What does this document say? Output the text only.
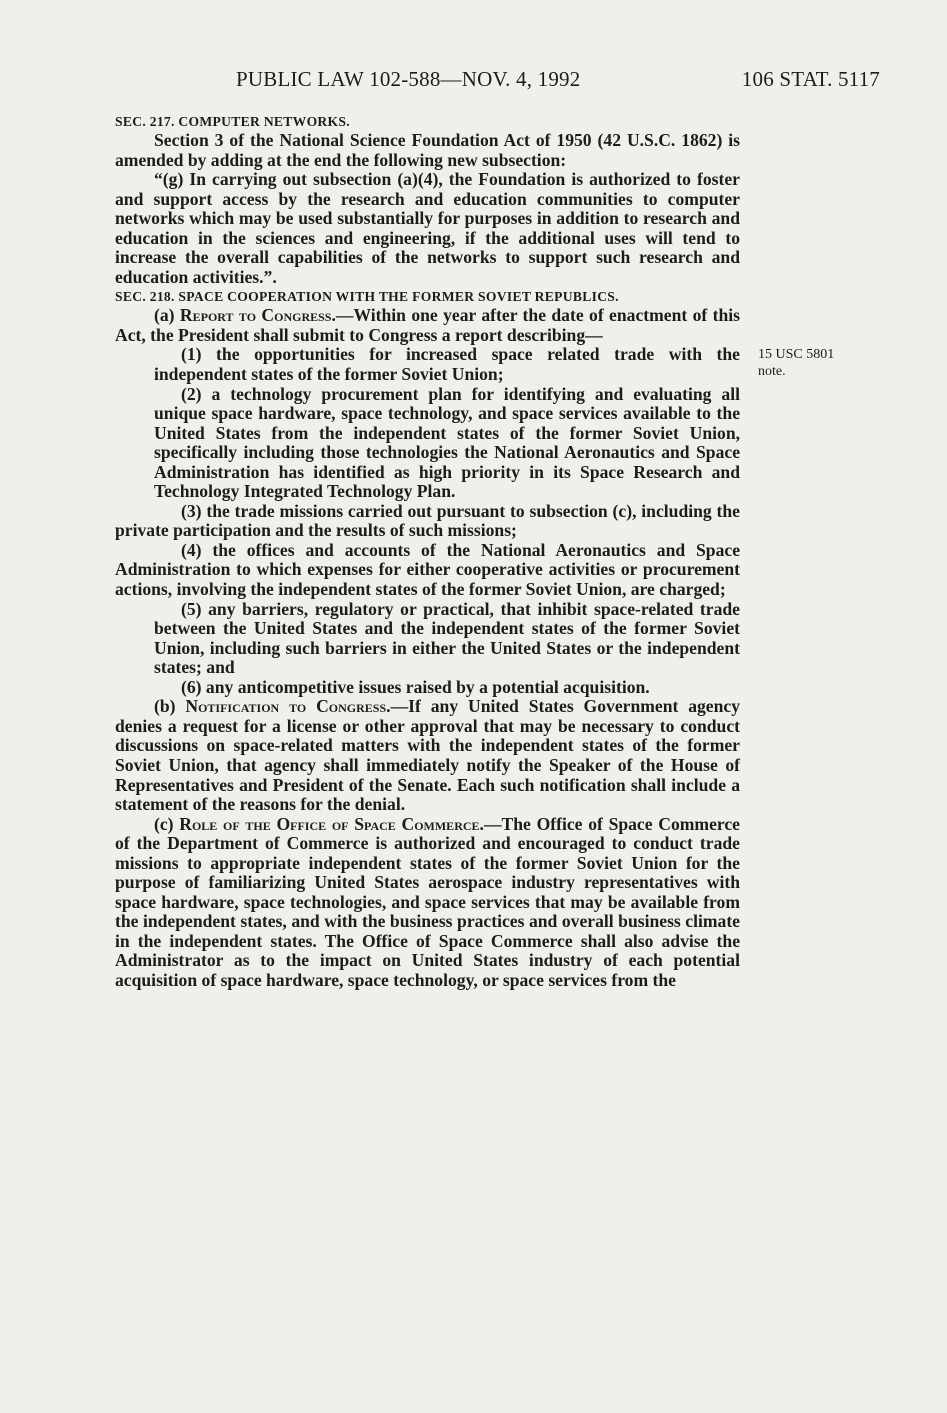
PUBLIC LAW 102-588—NOV. 4, 1992	106 STAT. 5117
15 USC 5801
note.

SEC. 217. COMPUTER NETWORKS.

Section 3 of the National Science Foundation Act of 1950 (42 U.S.C. 1862) is amended by adding at the end the following new subsection:

“(g) In carrying out subsection (a)(4), the Foundation is authorized to foster and support access by the research and education communities to computer networks which may be used substantially for purposes in addition to research and education in the sciences and engineering, if the additional uses will tend to increase the overall capabilities of the networks to support such research and education activities.”.

SEC. 218. SPACE COOPERATION WITH THE FORMER SOVIET REPUBLICS.

(a) Report to Congress.—Within one year after the date of enactment of this Act, the President shall submit to Congress a report describing—

(1) the opportunities for increased space related trade with the independent states of the former Soviet Union;

(2) a technology procurement plan for identifying and evaluating all unique space hardware, space technology, and space services available to the United States from the independent states of the former Soviet Union, specifically including those technologies the National Aeronautics and Space Administration has identified as high priority in its Space Research and Technology Integrated Technology Plan.

(3) the trade missions carried out pursuant to subsection (c), including the private participation and the results of such missions;

(4) the offices and accounts of the National Aeronautics and Space Administration to which expenses for either cooperative activities or procurement actions, involving the independent states of the former Soviet Union, are charged;

(5) any barriers, regulatory or practical, that inhibit space-related trade between the United States and the independent states of the former Soviet Union, including such barriers in either the United States or the independent states; and

(6) any anticompetitive issues raised by a potential acquisition.

(b) Notification to Congress.—If any United States Government agency denies a request for a license or other approval that may be necessary to conduct discussions on space-related matters with the independent states of the former Soviet Union, that agency shall immediately notify the Speaker of the House of Representatives and President of the Senate. Each such notification shall include a statement of the reasons for the denial.

(c) Role of the Office of Space Commerce.—The Office of Space Commerce of the Department of Commerce is authorized and encouraged to conduct trade missions to appropriate independent states of the former Soviet Union for the purpose of familiarizing United States aerospace industry representatives with space hardware, space technologies, and space services that may be available from the independent states, and with the business practices and overall business climate in the independent states. The Office of Space Commerce shall also advise the Administrator as to the impact on United States industry of each potential acquisition of space hardware, space technology, or space services from the
